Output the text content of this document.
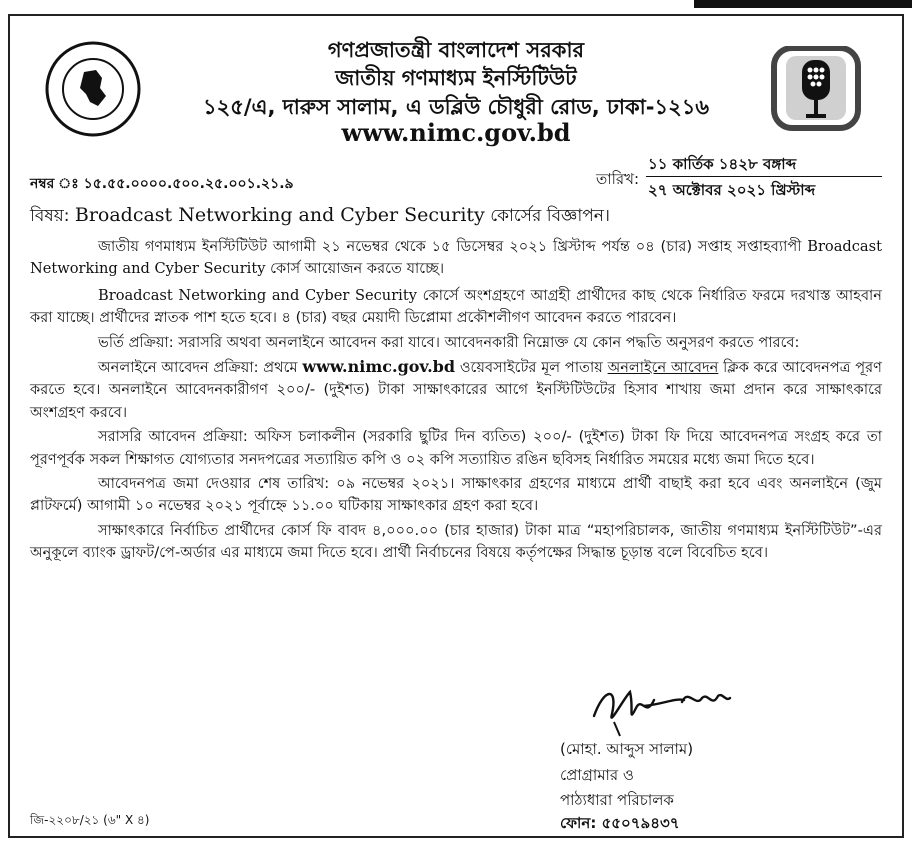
গণপ্রজাতন্ত্রী বাংলাদেশ সরকার
জাতীয় গণমাধ্যম ইনস্টিটিউট
১২৫/এ, দারুস সালাম, এ ডব্লিউ চৌধুরী রোড, ঢাকা-১২১৬
www.nimc.gov.bd
নম্বর ঃ ১৫.৫৫.০০০০.৫০০.২৫.০০১.২১.৯	তারিখ:
১১ কার্তিক ১৪২৮ বঙ্গাব্দ
২৭ অক্টোবর ২০২১ খ্রিস্টাব্দ
বিষয়: Broadcast Networking and Cyber Security কোর্সের বিজ্ঞাপন।

জাতীয় গণমাধ্যম ইনস্টিটিউট আগামী ২১ নভেম্বর থেকে ১৫ ডিসেম্বর ২০২১ খ্রিস্টাব্দ পর্যন্ত ০৪ (চার) সপ্তাহ সপ্তাহব্যাপী Broadcast Networking and Cyber Security কোর্স আয়োজন করতে যাচ্ছে।

Broadcast Networking and Cyber Security কোর্সে অংশগ্রহণে আগ্রহী প্রার্থীদের কাছ থেকে নির্ধারিত ফরমে দরখাস্ত আহবান করা যাচ্ছে। প্রার্থীদের স্নাতক পাশ হতে হবে। ৪ (চার) বছর মেয়াদী ডিপ্লোমা প্রকৌশলীগণ আবেদন করতে পারবেন।

ভর্তি প্রক্রিয়া: সরাসরি অথবা অনলাইনে আবেদন করা যাবে। আবেদনকারী নিম্নোক্ত যে কোন পদ্ধতি অনুসরণ করতে পারবে:

অনলাইনে আবেদন প্রক্রিয়া: প্রথমে www.nimc.gov.bd ওয়েবসাইটের মূল পাতায় অনলাইনে আবেদন ক্লিক করে আবেদনপত্র পূরণ করতে হবে। অনলাইনে আবেদনকারীগণ ২০০/- (দুইশত) টাকা সাক্ষাৎকারের আগে ইনস্টিটিউটের হিসাব শাখায় জমা প্রদান করে সাক্ষাৎকারে অংশগ্রহণ করবে।

সরাসরি আবেদন প্রক্রিয়া: অফিস চলাকলীন (সরকারি ছুটির দিন ব্যতিত) ২০০/- (দুইশত) টাকা ফি দিয়ে আবেদনপত্র সংগ্রহ করে তা পূরণপূর্বক সকল শিক্ষাগত যোগ্যতার সনদপত্রের সত্যায়িত কপি ও ০২ কপি সত্যায়িত রঙিন ছবিসহ নির্ধারিত সময়ের মধ্যে জমা দিতে হবে।

আবেদনপত্র জমা দেওয়ার শেষ তারিখ: ০৯ নভেম্বর ২০২১। সাক্ষাৎকার গ্রহণের মাধ্যমে প্রার্থী বাছাই করা হবে এবং অনলাইনে (জুম প্লাটফর্মে) আগামী ১০ নভেম্বর ২০২১ পূর্বাহ্নে ১১.০০ ঘটিকায় সাক্ষাৎকার গ্রহণ করা হবে।

সাক্ষাৎকারে নির্বাচিত প্রার্থীদের কোর্স ফি বাবদ ৪,০০০.০০ (চার হাজার) টাকা মাত্র “মহাপরিচালক, জাতীয় গণমাধ্যম ইনস্টিটিউট”-এর অনুকূলে ব্যাংক ড্রাফট/পে-অর্ডার এর মাধ্যমে জমা দিতে হবে। প্রার্থী নির্বাচনের বিষয়ে কর্তৃপক্ষের সিদ্ধান্ত চূড়ান্ত বলে বিবেচিত হবে।

(মোহা. আব্দুস সালাম)
প্রোগ্রামার ও
পাঠ্যধারা পরিচালক
ফোন: ৫৫০৭৯৪৩৭
জি-২২০৮/২১ (৬" X ৪)
